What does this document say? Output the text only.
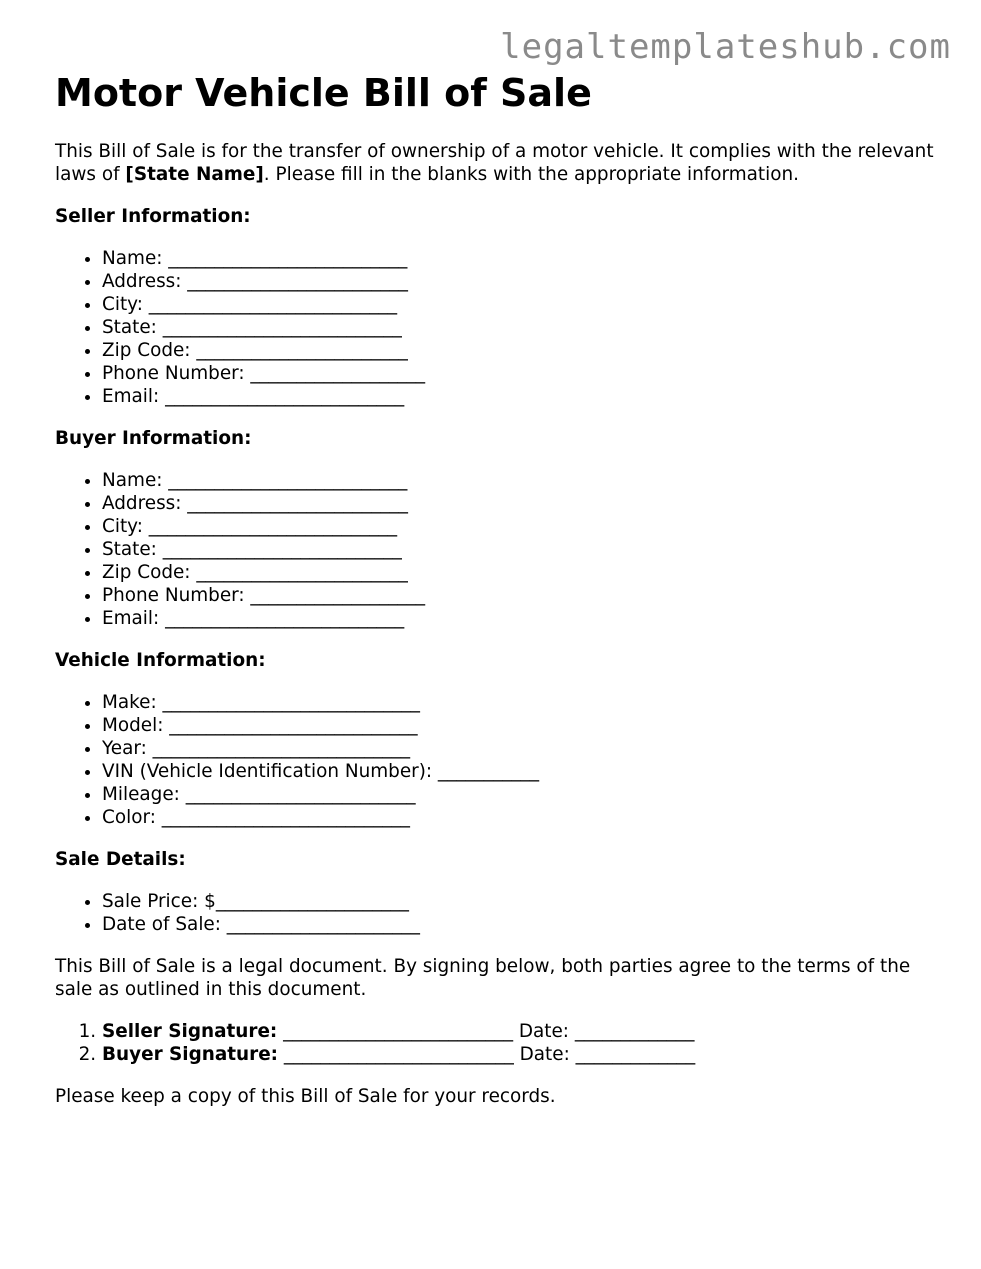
legaltemplateshub.com
Motor Vehicle Bill of Sale

This Bill of Sale is for the transfer of ownership of a motor vehicle. It complies with the relevant laws of [State Name]. Please fill in the blanks with the appropriate information.

Seller Information:

• Name: __________________________
• Address: ________________________
• City: ___________________________
• State: __________________________
• Zip Code: _______________________
• Phone Number: ___________________
• Email: __________________________

Buyer Information:

• Name: __________________________
• Address: ________________________
• City: ___________________________
• State: __________________________
• Zip Code: _______________________
• Phone Number: ___________________
• Email: __________________________

Vehicle Information:

• Make: ____________________________
• Model: ___________________________
• Year: ____________________________
• VIN (Vehicle Identification Number): ___________
• Mileage: _________________________
• Color: ___________________________

Sale Details:

• Sale Price: $_____________________
• Date of Sale: _____________________

This Bill of Sale is a legal document. By signing below, both parties agree to the terms of the sale as outlined in this document.

1. Seller Signature: _________________________ Date: _____________
2. Buyer Signature: _________________________ Date: _____________

Please keep a copy of this Bill of Sale for your records.
